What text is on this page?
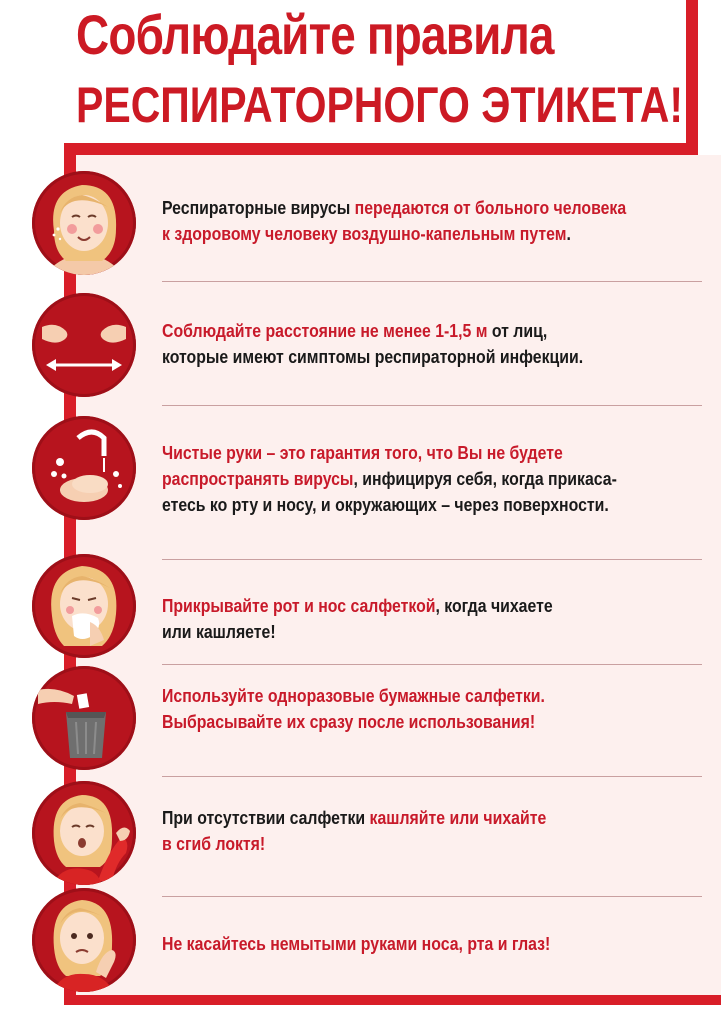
Соблюдайте правила
РЕСПИРАТОРНОГО ЭТИКЕТА!
Респираторные вирусы передаются от больного человека
к здоровому человеку воздушно-капельным путем.
Соблюдайте расстояние не менее 1-1,5 м от лиц,
которые имеют симптомы респираторной инфекции.
Чистые руки – это гарантия того, что Вы не будете
распространять вирусы, инфицируя себя, когда прикаса-
етесь ко рту и носу, и окружающих – через поверхности.
Прикрывайте рот и нос салфеткой, когда чихаете
или кашляете!
Используйте одноразовые бумажные салфетки.
Выбрасывайте их сразу после использования!
При отсутствии салфетки кашляйте или чихайте
в сгиб локтя!
Не касайтесь немытыми руками носа, рта и глаз!
